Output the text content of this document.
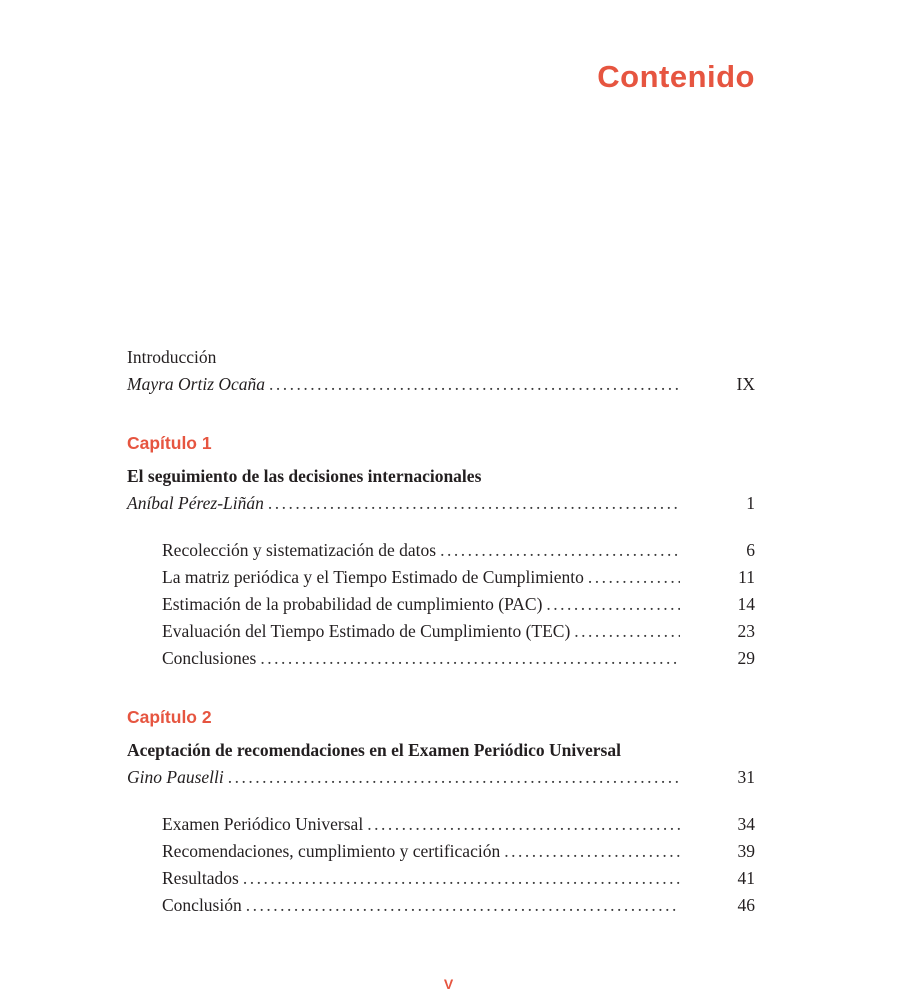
Contenido
Introducción
Mayra Ortiz Ocaña .....	IX
Capítulo 1
El seguimiento de las decisiones internacionales
Aníbal Pérez-Liñán .....	1
Recolección y sistematización de datos .....	6
La matriz periódica y el Tiempo Estimado de Cumplimiento .....	11
Estimación de la probabilidad de cumplimiento (PAC) .....	14
Evaluación del Tiempo Estimado de Cumplimiento (TEC) .....	23
Conclusiones .....	29
Capítulo 2
Aceptación de recomendaciones en el Examen Periódico Universal
Gino Pauselli .....	31
Examen Periódico Universal .....	34
Recomendaciones, cumplimiento y certificación .....	39
Resultados .....	41
Conclusión .....	46
V
